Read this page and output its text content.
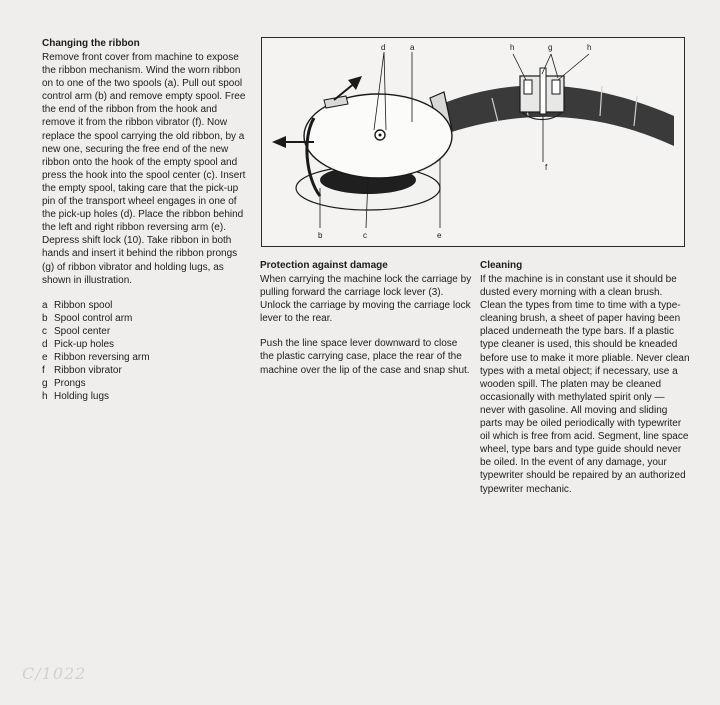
Changing the ribbon

Remove front cover from machine to expose the ribbon mechanism. Wind the worn ribbon on to one of the two spools (a). Pull out spool control arm (b) and remove empty spool. Free the end of the ribbon from the hook and remove it from the ribbon vibrator (f). Now replace the spool carrying the old ribbon, by a new one, securing the free end of the new ribbon onto the hook of the empty spool and press the hook into the spool center (c). Insert the empty spool, taking care that the pick-up pin of the transport wheel engages in one of the pick-up holes (d). Place the ribbon behind the left and right ribbon reversing arm (e). Depress shift lock (10). Take ribbon in both hands and insert it behind the ribbon prongs (g) of ribbon vibrator and holding lugs, as shown in illustration.

a Ribbon spool
b Spool control arm
c Spool center
d Pick-up holes
e Ribbon reversing arm
f Ribbon vibrator
g Prongs
h Holding lugs
d	a	h	g	h
f
b	c	e

Protection against damage

When carrying the machine lock the carriage by pulling forward the carriage lock lever (3). Unlock the carriage by moving the carriage lock lever to the rear.

Push the line space lever downward to close the plastic carrying case, place the rear of the machine over the lip of the case and snap shut.

Cleaning

If the machine is in constant use it should be dusted every morning with a clean brush. Clean the types from time to time with a type-cleaning brush, a sheet of paper having been placed underneath the type bars. If a plastic type cleaner is used, this should be kneaded before use to make it more pliable. Never clean types with a metal object; if necessary, use a wooden spill. The platen may be cleaned occasionally with methylated spirit only — never with gasoline. All moving and sliding parts may be oiled periodically with typewriter oil which is free from acid. Segment, line space wheel, type bars and type guide should never be oiled. In the event of any damage, your typewriter should be repaired by an authorized typewriter mechanic.

C/1022
